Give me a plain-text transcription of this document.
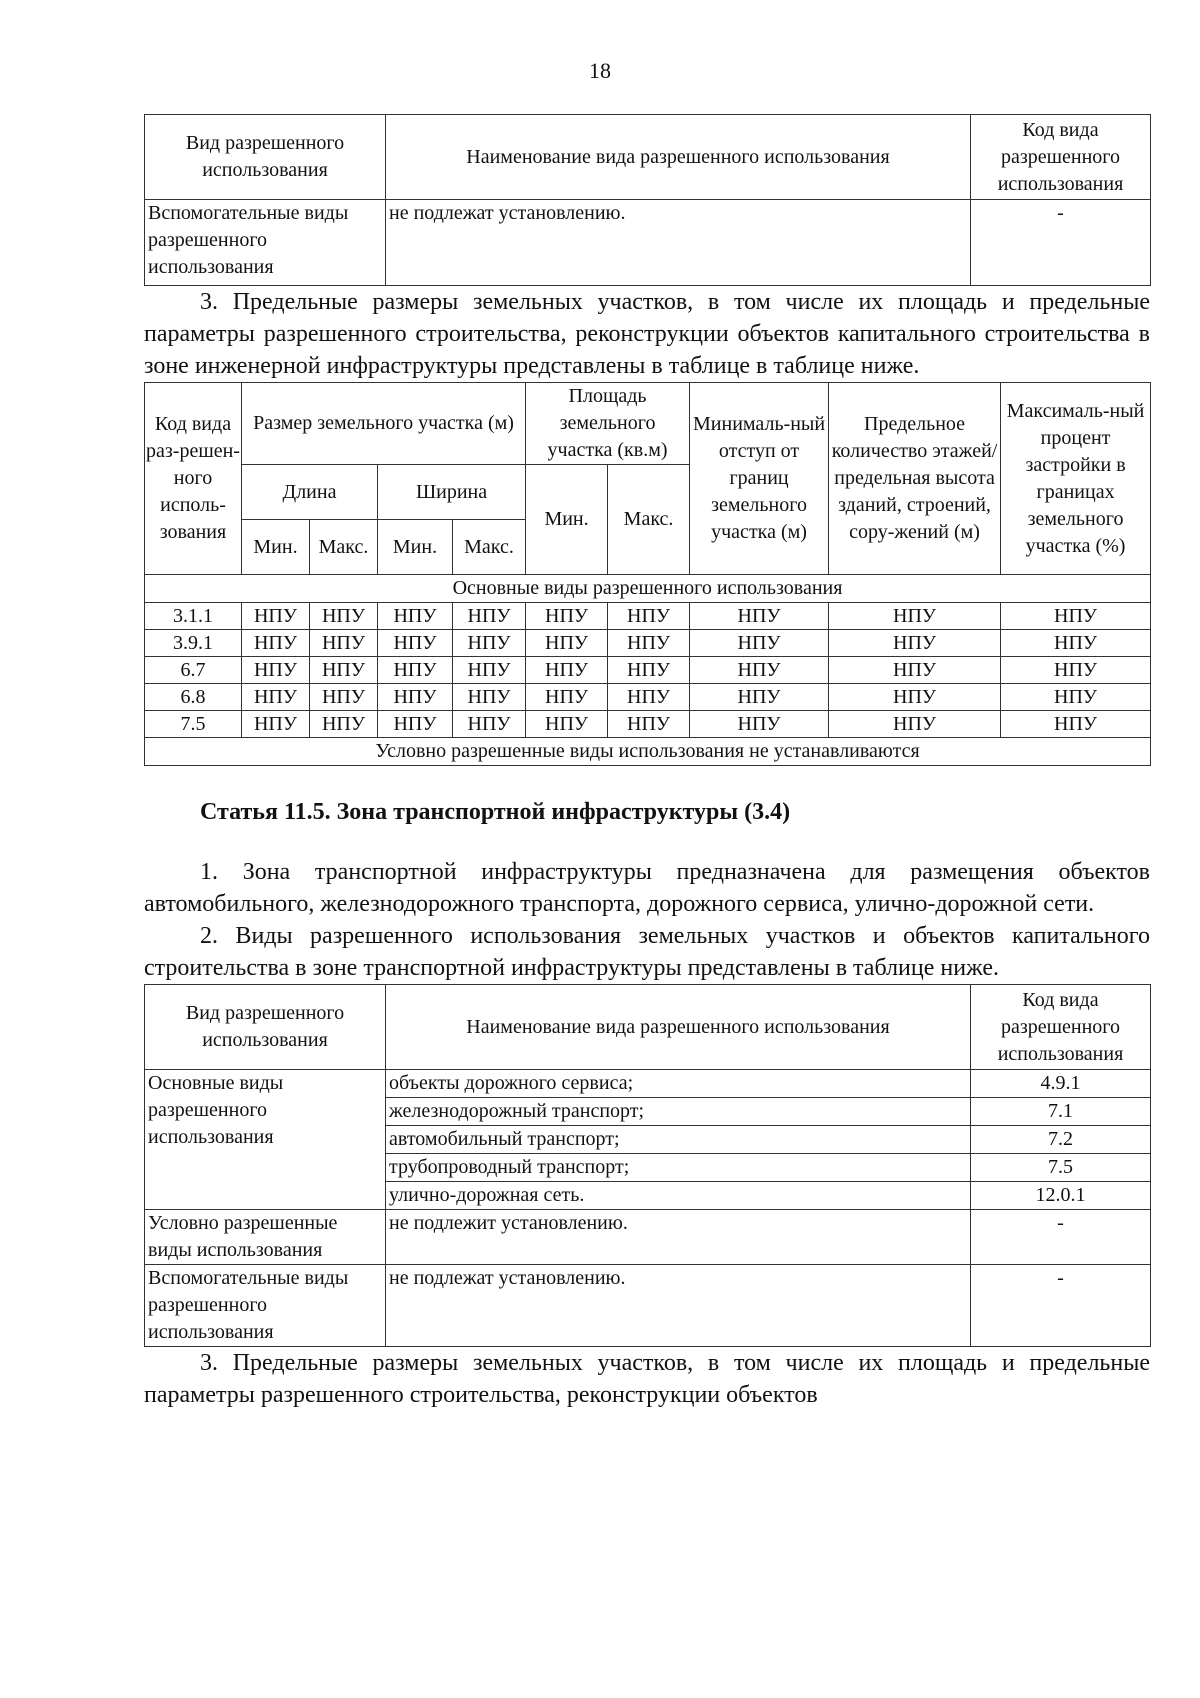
18
Вид разрешенного использования	Наименование вида разрешенного использования	Код вида разрешенного использования
Вспомогательные виды разрешенного использования	не подлежат установлению.	-

3. Предельные размеры земельных участков, в том числе их площадь и предельные параметры разрешенного строительства, реконструкции объектов капитального строительства в зоне инженерной инфраструктуры представлены в таблице в таблице ниже.

Код вида раз-решен-ного исполь-зования	Размер земельного участка (м)				Площадь земельного участка (кв.м)		Минималь-ный отступ от границ земельного участка (м)	Предельное количество этажей/ предельная высота зданий, строений, сору-жений (м)	Максималь-ный процент застройки в границах земельного участка (%)
	Длина		Ширина		Мин.	Макс.			
	Мин.	Макс.	Мин.	Макс.					
Основные виды разрешенного использования									
3.1.1	НПУ	НПУ	НПУ	НПУ	НПУ	НПУ	НПУ	НПУ	НПУ
3.9.1	НПУ	НПУ	НПУ	НПУ	НПУ	НПУ	НПУ	НПУ	НПУ
6.7	НПУ	НПУ	НПУ	НПУ	НПУ	НПУ	НПУ	НПУ	НПУ
6.8	НПУ	НПУ	НПУ	НПУ	НПУ	НПУ	НПУ	НПУ	НПУ
7.5	НПУ	НПУ	НПУ	НПУ	НПУ	НПУ	НПУ	НПУ	НПУ
Условно разрешенные виды использования не устанавливаются									
Статья 11.5. Зона транспортной инфраструктуры (3.4)

1. Зона транспортной инфраструктуры предназначена для размещения объектов автомобильного, железнодорожного транспорта, дорожного сервиса, улично-дорожной сети.

2. Виды разрешенного использования земельных участков и объектов капитального строительства в зоне транспортной инфраструктуры представлены в таблице ниже.

Вид разрешенного использования	Наименование вида разрешенного использования	Код вида разрешенного использования
Основные виды разрешенного использования	объекты дорожного сервиса;	4.9.1
	железнодорожный транспорт;	7.1
	автомобильный транспорт;	7.2
	трубопроводный транспорт;	7.5
	улично-дорожная сеть.	12.0.1
Условно разрешенные виды использования	не подлежит установлению.	-
Вспомогательные виды разрешенного использования	не подлежат установлению.	-

3. Предельные размеры земельных участков, в том числе их площадь и предельные параметры разрешенного строительства, реконструкции объектов
